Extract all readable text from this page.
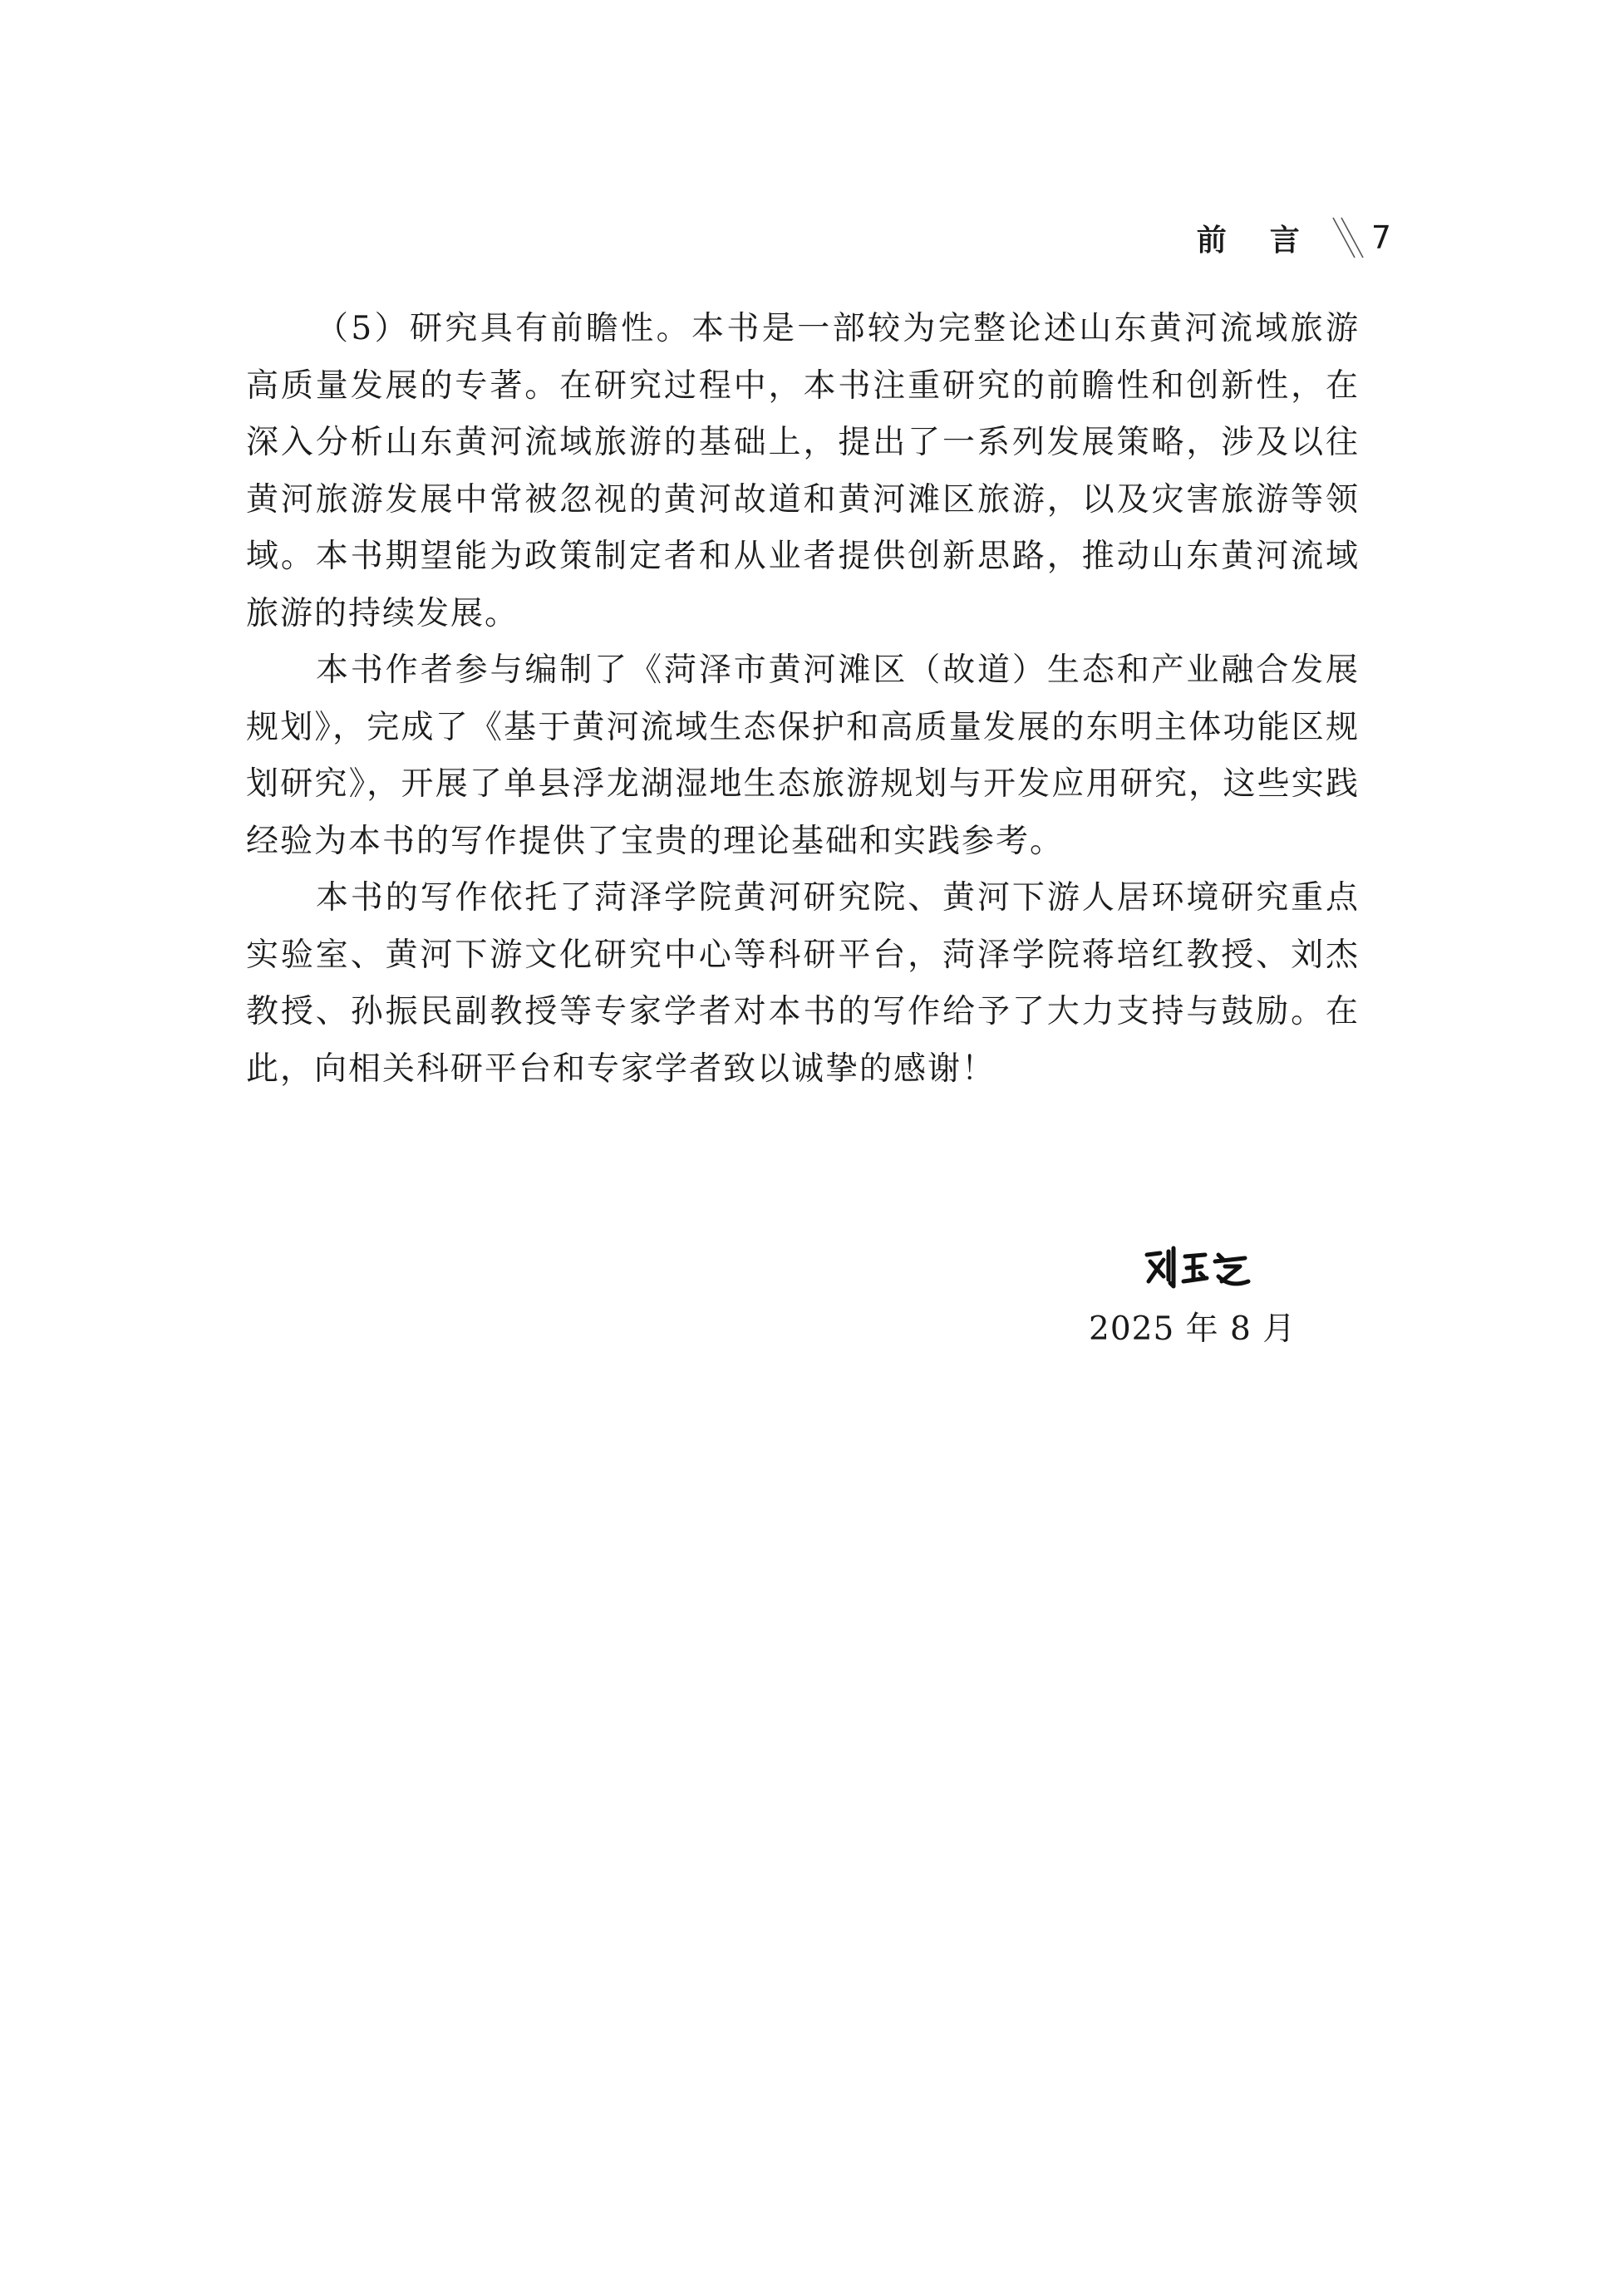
前言 7

（5）研究具有前瞻性。本书是一部较为完整论述山东黄河流域旅游高质量发展的专著。在研究过程中，本书注重研究的前瞻性和创新性，在深入分析山东黄河流域旅游的基础上，提出了一系列发展策略，涉及以往黄河旅游发展中常被忽视的黄河故道和黄河滩区旅游，以及灾害旅游等领域。本书期望能为政策制定者和从业者提供创新思路，推动山东黄河流域旅游的持续发展。

本书作者参与编制了《菏泽市黄河滩区（故道）生态和产业融合发展规划》，完成了《基于黄河流域生态保护和高质量发展的东明主体功能区规划研究》，开展了单县浮龙湖湿地生态旅游规划与开发应用研究，这些实践经验为本书的写作提供了宝贵的理论基础和实践参考。

本书的写作依托了菏泽学院黄河研究院、黄河下游人居环境研究重点实验室、黄河下游文化研究中心等科研平台，菏泽学院蒋培红教授、刘杰教授、孙振民副教授等专家学者对本书的写作给予了大力支持与鼓励。在此，向相关科研平台和专家学者致以诚挚的感谢！

2025 年 8 月
